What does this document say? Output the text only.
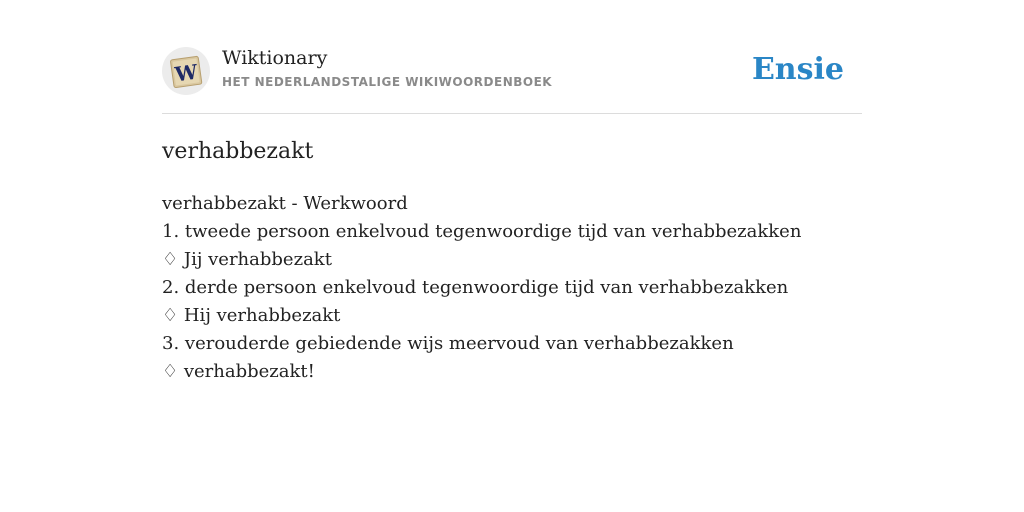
W
Wiktionary
HET NEDERLANDSTALIGE WIKIWOORDENBOEK	Ensie
verhabbezakt
verhabbezakt - Werkwoord
1. tweede persoon enkelvoud tegenwoordige tijd van verhabbezakken
♢ Jij verhabbezakt
2. derde persoon enkelvoud tegenwoordige tijd van verhabbezakken
♢ Hij verhabbezakt
3. verouderde gebiedende wijs meervoud van verhabbezakken
♢ verhabbezakt!
